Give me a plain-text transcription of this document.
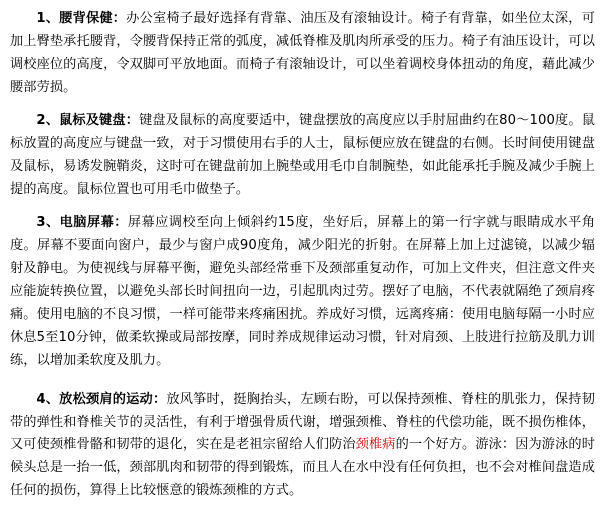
1、腰背保健：办公室椅子最好选择有背靠、油压及有滚轴设计。椅子有背靠，如坐位太深，可加上臀垫承托腰背，令腰背保持正常的弧度，减低脊椎及肌肉所承受的压力。椅子有油压设计，可以调校座位的高度，令双脚可平放地面。而椅子有滚轴设计，可以坐着调校身体扭动的角度，藉此减少腰部劳损。

2、鼠标及键盘：键盘及鼠标的高度要适中，键盘摆放的高度应以手肘屈曲约在80～100度。鼠标放置的高度应与键盘一致，对于习惯使用右手的人士，鼠标便应放在键盘的右侧。长时间使用键盘及鼠标，易诱发腕鞘炎，这时可在键盘前加上腕垫或用毛巾自制腕垫，如此能承托手腕及减少手腕上提的高度。鼠标位置也可用毛巾做垫子。

3、电脑屏幕：屏幕应调校至向上倾斜约15度，坐好后，屏幕上的第一行字就与眼睛成水平角度。屏幕不要面向窗户，最少与窗户成90度角，减少阳光的折射。在屏幕上加上过滤镜，以减少辐射及静电。为使视线与屏幕平衡，避免头部经常垂下及颈部重复动作，可加上文件夹，但注意文件夹应能旋转换位置，以避免头部长时间扭向一边，引起肌肉过劳。摆好了电脑，不代表就隔绝了颈肩疼痛。使用电脑的不良习惯，一样可能带来疼痛困扰。养成好习惯，远离疼痛：使用电脑每隔一小时应休息5至10分钟，做柔软操或局部按摩，同时养成规律运动习惯，针对肩颈、上肢进行拉筋及肌力训练，以增加柔软度及肌力。

4、放松颈肩的运动：放风筝时，挺胸抬头，左顾右盼，可以保持颈椎、脊柱的肌张力，保持韧带的弹性和脊椎关节的灵活性，有利于增强骨质代谢，增强颈椎、脊柱的代偿功能，既不损伤椎体，又可使颈椎骨骼和韧带的退化，实在是老祖宗留给人们防治颈椎病的一个好方。游泳：因为游泳的时候头总是一抬一低，颈部肌肉和韧带的得到锻炼，而且人在水中没有任何负担，也不会对椎间盘造成任何的损伤，算得上比较惬意的锻炼颈椎的方式。
